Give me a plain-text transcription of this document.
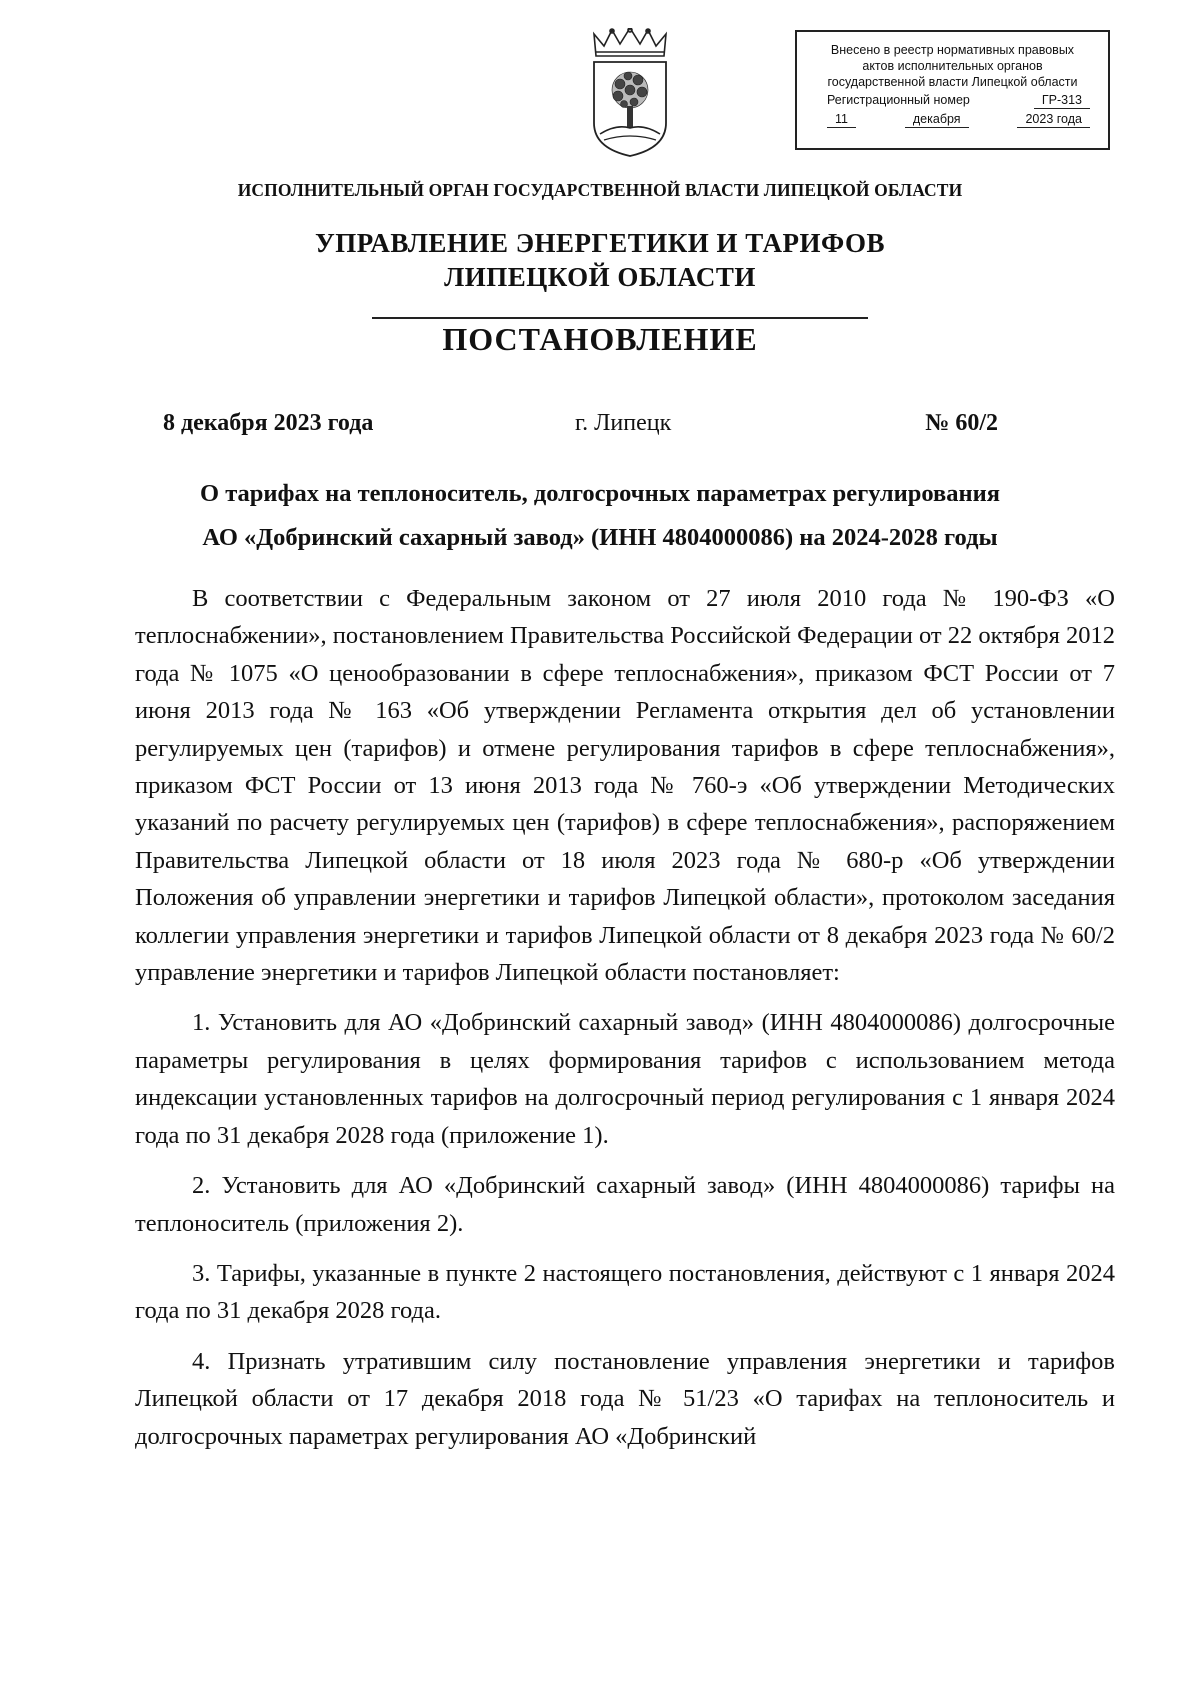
Внесено в реестр нормативных правовых
актов исполнительных органов
государственной власти Липецкой области
Регистрационный номер	ГР-313
11	декабря	2023 года
ИСПОЛНИТЕЛЬНЫЙ ОРГАН ГОСУДАРСТВЕННОЙ ВЛАСТИ ЛИПЕЦКОЙ ОБЛАСТИ
УПРАВЛЕНИЕ ЭНЕРГЕТИКИ И ТАРИФОВ
ЛИПЕЦКОЙ ОБЛАСТИ
ПОСТАНОВЛЕНИЕ
8 декабря 2023 года	г. Липецк	№ 60/2
О тарифах на теплоноситель, долгосрочных параметрах регулирования
АО «Добринский сахарный завод» (ИНН 4804000086) на 2024-2028 годы

В соответствии с Федеральным законом от 27 июля 2010 года № 190-ФЗ «О теплоснабжении», постановлением Правительства Российской Федерации от 22 октября 2012 года № 1075 «О ценообразовании в сфере теплоснабжения», приказом ФСТ России от 7 июня 2013 года № 163 «Об утверждении Регламента открытия дел об установлении регулируемых цен (тарифов) и отмене регулирования тарифов в сфере теплоснабжения», приказом ФСТ России от 13 июня 2013 года № 760-э «Об утверждении Методических указаний по расчету регулируемых цен (тарифов) в сфере теплоснабжения», распоряжением Правительства Липецкой области от 18 июля 2023 года № 680-р «Об утверждении Положения об управлении энергетики и тарифов Липецкой области», протоколом заседания коллегии управления энергетики и тарифов Липецкой области от 8 декабря 2023 года № 60/2 управление энергетики и тарифов Липецкой области постановляет:

1. Установить для АО «Добринский сахарный завод» (ИНН 4804000086) долгосрочные параметры регулирования в целях формирования тарифов с использованием метода индексации установленных тарифов на долгосрочный период регулирования с 1 января 2024 года по 31 декабря 2028 года (приложение 1).

2. Установить для АО «Добринский сахарный завод» (ИНН 4804000086) тарифы на теплоноситель (приложения 2).

3. Тарифы, указанные в пункте 2 настоящего постановления, действуют с 1 января 2024 года по 31 декабря 2028 года.

4. Признать утратившим силу постановление управления энергетики и тарифов Липецкой области от 17 декабря 2018 года № 51/23 «О тарифах на теплоноситель и долгосрочных параметрах регулирования АО «Добринский
